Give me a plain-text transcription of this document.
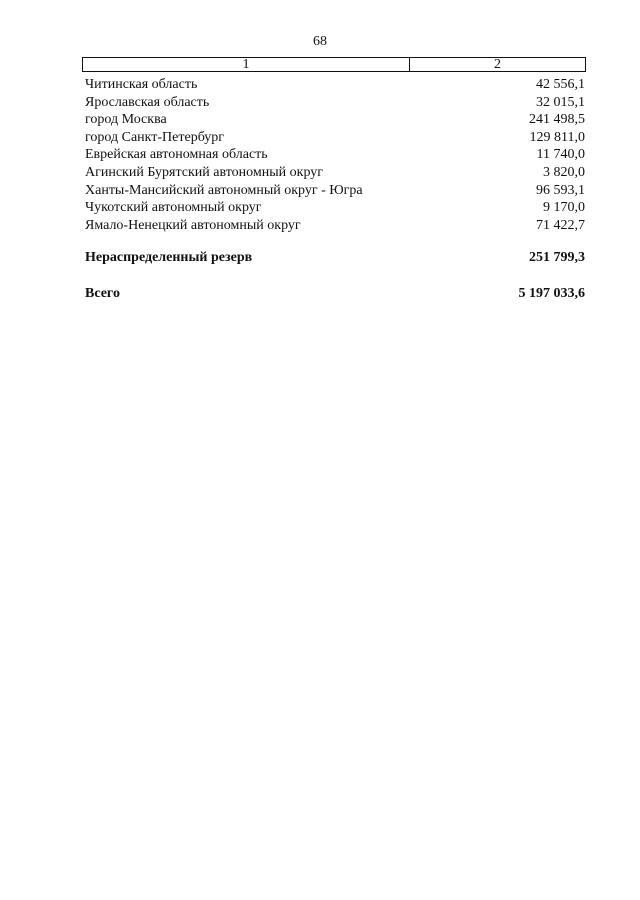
68
1	2
Читинская область	42 556,1
Ярославская область	32 015,1
город Москва	241 498,5
город Санкт-Петербург	129 811,0
Еврейская автономная область	11 740,0
Агинский Бурятский автономный округ	3 820,0
Ханты-Мансийский автономный округ - Югра	96 593,1
Чукотский автономный округ	9 170,0
Ямало-Ненецкий автономный округ	71 422,7
Нераспределенный резерв	251 799,3
Всего	5 197 033,6
